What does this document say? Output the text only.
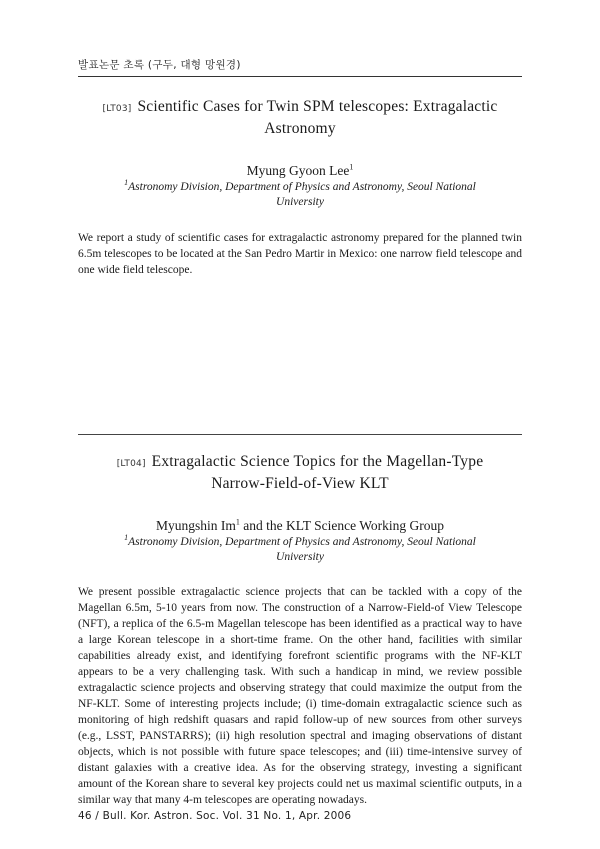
발표논문 초록 (구두, 대형 망원경)
[LT03] Scientific Cases for Twin SPM telescopes: Extragalactic
Astronomy
Myung Gyoon Lee$^1$
$^1$Astronomy Division, Department of Physics and Astronomy, Seoul National
University
We report a study of scientific cases for extragalactic astronomy prepared for the planned twin 6.5m telescopes to be located at the San Pedro Martir in Mexico: one narrow field telescope and one wide field telescope.
[LT04] Extragalactic Science Topics for the Magellan-Type
Narrow-Field-of-View KLT
Myungshin Im$^1$ and the KLT Science Working Group
$^1$Astronomy Division, Department of Physics and Astronomy, Seoul National
University
We present possible extragalactic science projects that can be tackled with a copy of the Magellan 6.5m, 5-10 years from now. The construction of a Narrow-Field-of View Telescope (NFT), a replica of the 6.5-m Magellan telescope has been identified as a practical way to have a large Korean telescope in a short-time frame. On the other hand, facilities with similar capabilities already exist, and identifying forefront scientific programs with the NF-KLT appears to be a very challenging task. With such a handicap in mind, we review possible extragalactic science projects and observing strategy that could maximize the output from the NF-KLT. Some of interesting projects include; (i) time-domain extragalactic science such as monitoring of high redshift quasars and rapid follow-up of new sources from other surveys (e.g., LSST, PANSTARRS); (ii) high resolution spectral and imaging observations of distant objects, which is not possible with future space telescopes; and (iii) time-intensive survey of distant galaxies with a creative idea. As for the observing strategy, investing a significant amount of the Korean share to several key projects could net us maximal scientific outputs, in a similar way that many 4-m telescopes are operating nowadays.
46 / Bull. Kor. Astron. Soc. Vol. 31 No. 1, Apr. 2006
